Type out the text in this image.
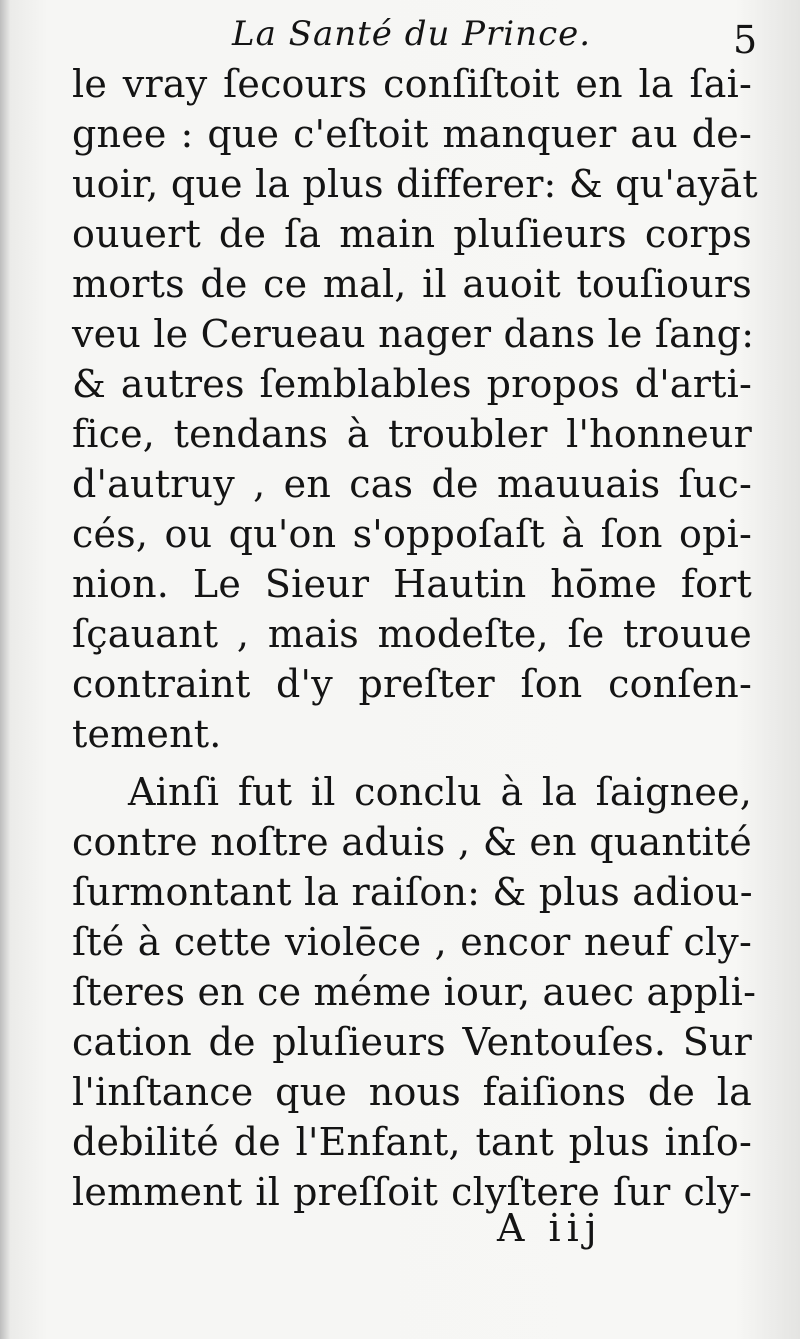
La Santé du Prince.	5
le vray ſecours conſiſtoit en la ſai-
gnee : que c'eſtoit manquer au de-
uoir, que la plus differer: & qu'ayāt
ouuert de ſa main pluſieurs corps
morts de ce mal, il auoit touſiours
veu le Cerueau nager dans le ſang:
& autres ſemblables propos d'arti-
fice, tendans à troubler l'honneur
d'autruy , en cas de mauuais ſuc-
cés, ou qu'on s'oppoſaſt à ſon opi-
nion. Le Sieur Hautin hōme fort
ſçauant , mais modeſte, ſe trouue
contraint d'y preſter ſon conſen-
tement.
Ainſi fut il conclu à la ſaignee,
contre noſtre aduis , & en quantité
ſurmontant la raiſon: & plus adiou-
ſté à cette violēce , encor neuf cly-
ſteres en ce méme iour, auec appli-
cation de pluſieurs Ventouſes. Sur
l'inſtance que nous faiſions de la
debilité de l'Enfant, tant plus inſo-
lemment il preſſoit clyſtere ſur cly-
A iij
